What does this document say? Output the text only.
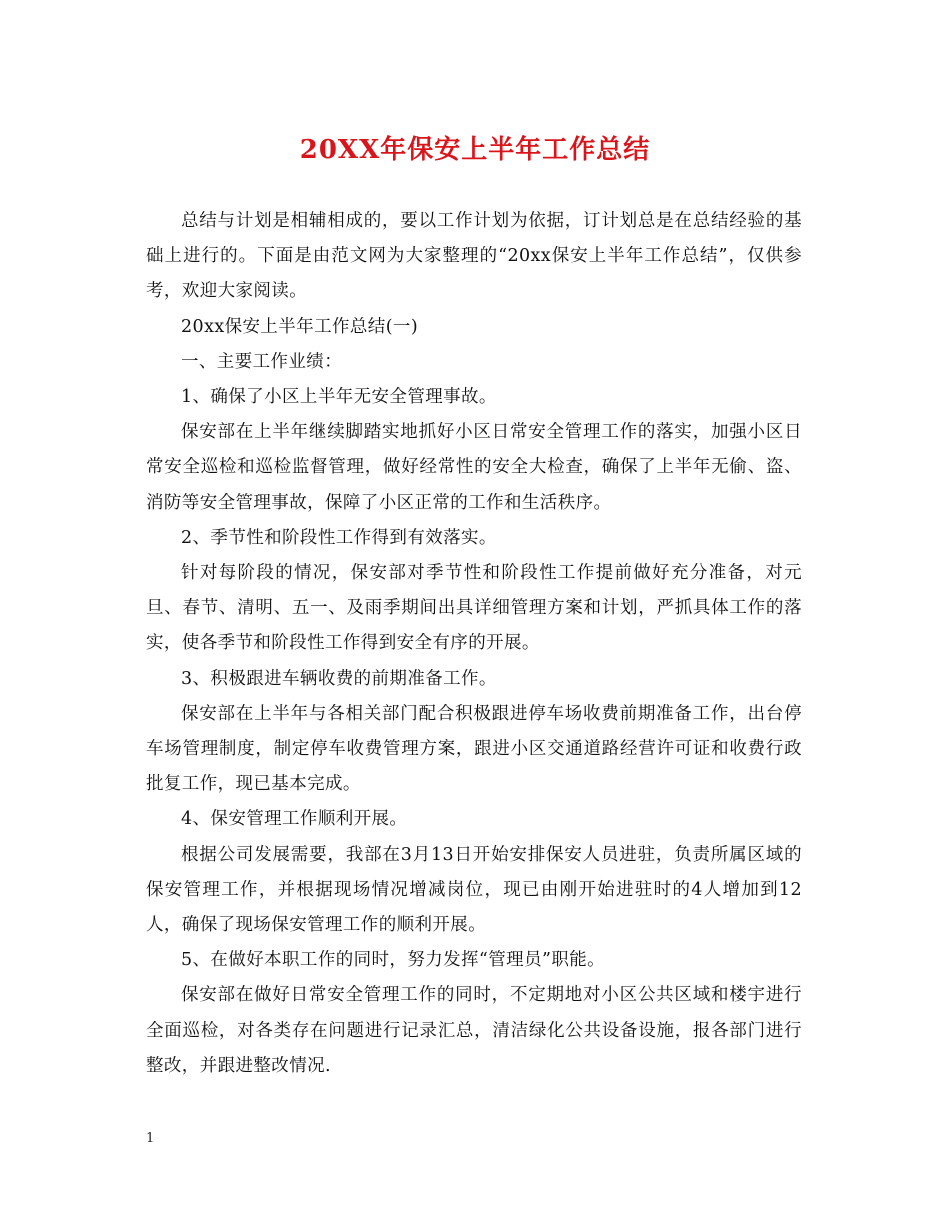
20XX年保安上半年工作总结

总结与计划是相辅相成的，要以工作计划为依据，订计划总是在总结经验的基础上进行的。下面是由范文网为大家整理的“20xx保安上半年工作总结”，仅供参考，欢迎大家阅读。

20xx保安上半年工作总结(一)

一、主要工作业绩：

1、确保了小区上半年无安全管理事故。

保安部在上半年继续脚踏实地抓好小区日常安全管理工作的落实，加强小区日常安全巡检和巡检监督管理，做好经常性的安全大检查，确保了上半年无偷、盗、消防等安全管理事故，保障了小区正常的工作和生活秩序。

2、季节性和阶段性工作得到有效落实。

针对每阶段的情况，保安部对季节性和阶段性工作提前做好充分准备，对元旦、春节、清明、五一、及雨季期间出具详细管理方案和计划，严抓具体工作的落实，使各季节和阶段性工作得到安全有序的开展。

3、积极跟进车辆收费的前期准备工作。

保安部在上半年与各相关部门配合积极跟进停车场收费前期准备工作，出台停车场管理制度，制定停车收费管理方案，跟进小区交通道路经营许可证和收费行政批复工作，现已基本完成。

4、保安管理工作顺利开展。

根据公司发展需要，我部在3月13日开始安排保安人员进驻，负责所属区域的保安管理工作，并根据现场情况增减岗位，现已由刚开始进驻时的4人增加到12人，确保了现场保安管理工作的顺利开展。

5、在做好本职工作的同时，努力发挥“管理员”职能。

保安部在做好日常安全管理工作的同时，不定期地对小区公共区域和楼宇进行全面巡检，对各类存在问题进行记录汇总，清洁绿化公共设备设施，报各部门进行整改，并跟进整改情况.

1
